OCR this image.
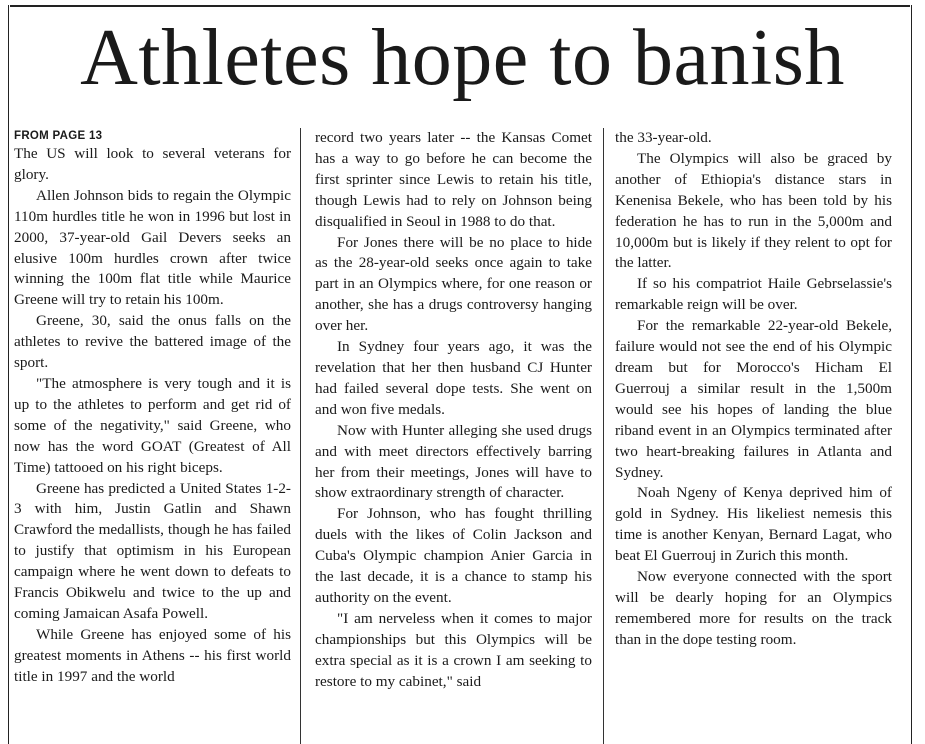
Athletes hope to banish
FROM PAGE 13

The US will look to several veterans for glory.

Allen Johnson bids to regain the Olympic 110m hurdles title he won in 1996 but lost in 2000, 37-year-old Gail Devers seeks an elusive 100m hurdles crown after twice winning the 100m flat title while Maurice Greene will try to retain his 100m.

Greene, 30, said the onus falls on the athletes to revive the battered image of the sport.

"The atmosphere is very tough and it is up to the athletes to perform and get rid of some of the negativity," said Greene, who now has the word GOAT (Greatest of All Time) tattooed on his right biceps.

Greene has predicted a United States 1-2-3 with him, Justin Gatlin and Shawn Crawford the medallists, though he has failed to justify that optimism in his European campaign where he went down to defeats to Francis Obikwelu and twice to the up and coming Jamaican Asafa Powell.

While Greene has enjoyed some of his greatest moments in Athens -- his first world title in 1997 and the world

record two years later -- the Kansas Comet has a way to go before he can become the first sprinter since Lewis to retain his title, though Lewis had to rely on Johnson being disqualified in Seoul in 1988 to do that.

For Jones there will be no place to hide as the 28-year-old seeks once again to take part in an Olympics where, for one reason or another, she has a drugs controversy hanging over her.

In Sydney four years ago, it was the revelation that her then husband CJ Hunter had failed several dope tests. She went on and won five medals.

Now with Hunter alleging she used drugs and with meet directors effectively barring her from their meetings, Jones will have to show extraordinary strength of character.

For Johnson, who has fought thrilling duels with the likes of Colin Jackson and Cuba's Olympic champion Anier Garcia in the last decade, it is a chance to stamp his authority on the event.

"I am nerveless when it comes to major championships but this Olympics will be extra special as it is a crown I am seeking to restore to my cabinet," said

the 33-year-old.

The Olympics will also be graced by another of Ethiopia's distance stars in Kenenisa Bekele, who has been told by his federation he has to run in the 5,000m and 10,000m but is likely if they relent to opt for the latter.

If so his compatriot Haile Gebrselassie's remarkable reign will be over.

For the remarkable 22-year-old Bekele, failure would not see the end of his Olympic dream but for Morocco's Hicham El Guerrouj a similar result in the 1,500m would see his hopes of landing the blue riband event in an Olympics terminated after two heart-breaking failures in Atlanta and Sydney.

Noah Ngeny of Kenya deprived him of gold in Sydney. His likeliest nemesis this time is another Kenyan, Bernard Lagat, who beat El Guerrouj in Zurich this month.

Now everyone connected with the sport will be dearly hoping for an Olympics remembered more for results on the track than in the dope testing room.
